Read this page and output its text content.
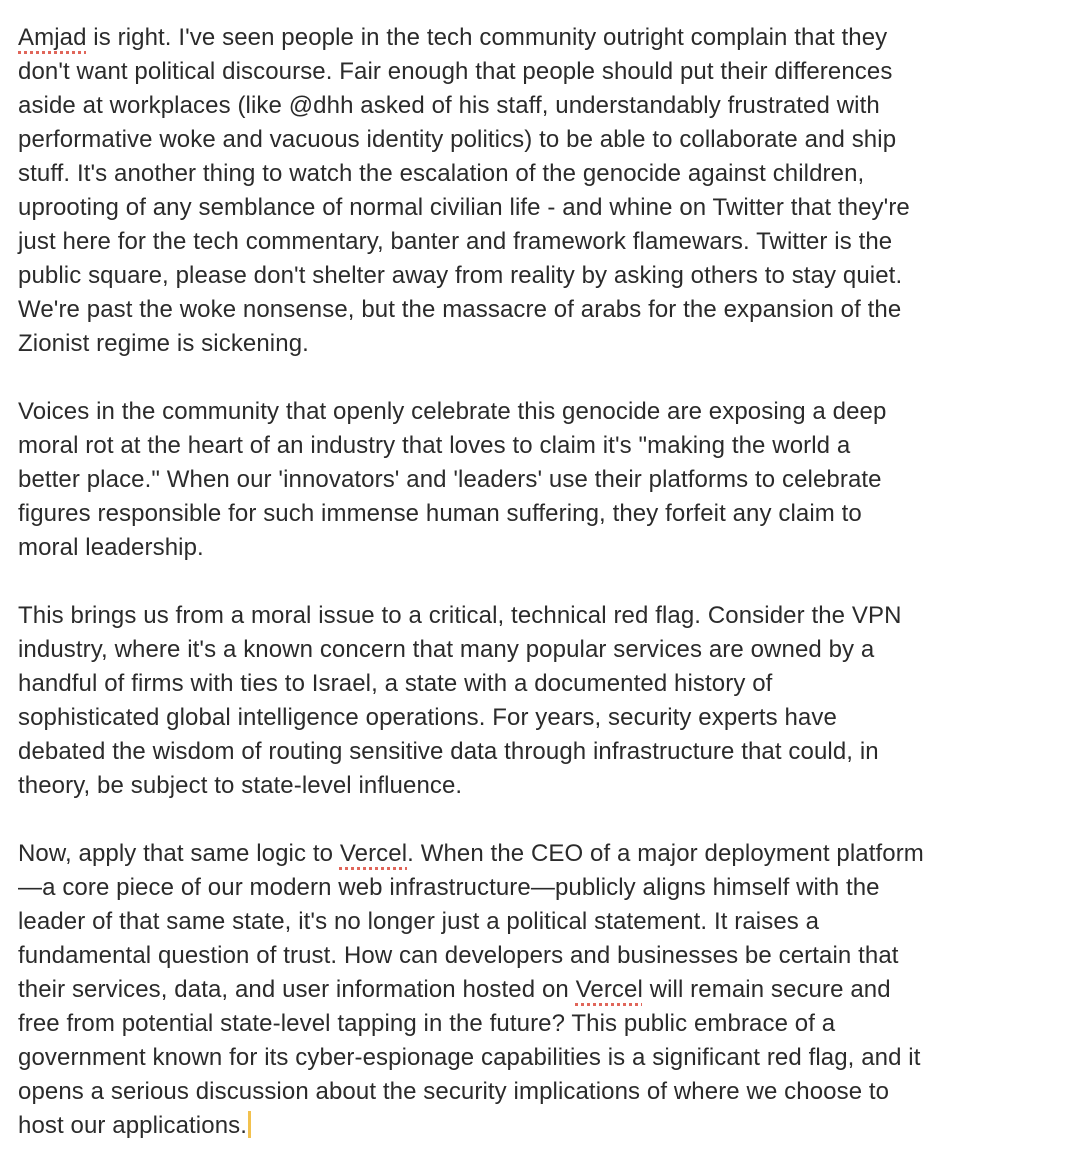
Amjad is right. I've seen people in the tech community outright complain that they
don't want political discourse. Fair enough that people should put their differences
aside at workplaces (like @dhh asked of his staff, understandably frustrated with
performative woke and vacuous identity politics) to be able to collaborate and ship
stuff. It's another thing to watch the escalation of the genocide against children,
uprooting of any semblance of normal civilian life - and whine on Twitter that they're
just here for the tech commentary, banter and framework flamewars. Twitter is the
public square, please don't shelter away from reality by asking others to stay quiet.
We're past the woke nonsense, but the massacre of arabs for the expansion of the
Zionist regime is sickening.

Voices in the community that openly celebrate this genocide are exposing a deep
moral rot at the heart of an industry that loves to claim it's "making the world a
better place." When our 'innovators' and 'leaders' use their platforms to celebrate
figures responsible for such immense human suffering, they forfeit any claim to
moral leadership.

This brings us from a moral issue to a critical, technical red flag. Consider the VPN
industry, where it's a known concern that many popular services are owned by a
handful of firms with ties to Israel, a state with a documented history of
sophisticated global intelligence operations. For years, security experts have
debated the wisdom of routing sensitive data through infrastructure that could, in
theory, be subject to state-level influence.

Now, apply that same logic to Vercel. When the CEO of a major deployment platform
—a core piece of our modern web infrastructure—publicly aligns himself with the
leader of that same state, it's no longer just a political statement. It raises a
fundamental question of trust. How can developers and businesses be certain that
their services, data, and user information hosted on Vercel will remain secure and
free from potential state-level tapping in the future? This public embrace of a
government known for its cyber-espionage capabilities is a significant red flag, and it
opens a serious discussion about the security implications of where we choose to
host our applications.
